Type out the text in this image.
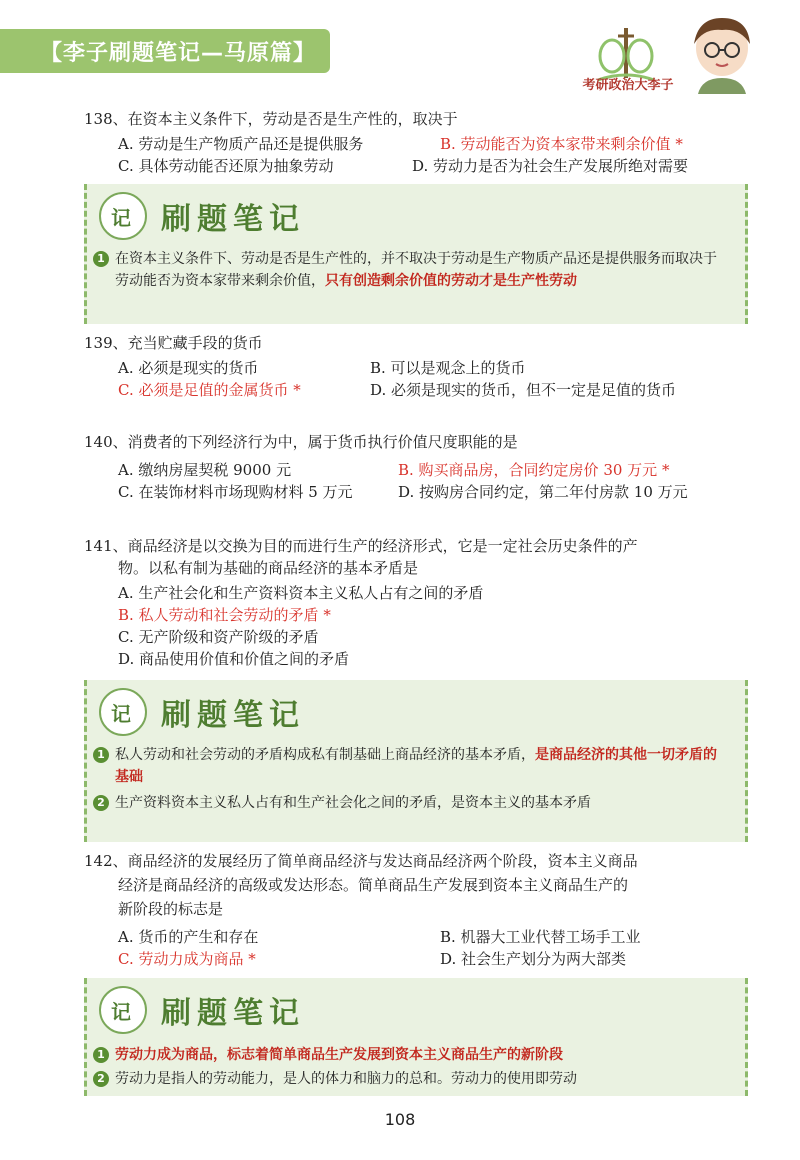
【李子刷题笔记—马原篇】
考研政治大李子
138、在资本主义条件下，劳动是否是生产性的，取决于
A. 劳动是生产物质产品还是提供服务	B. 劳动能否为资本家带来剩余价值 *
C. 具体劳动能否还原为抽象劳动	D. 劳动力是否为社会生产发展所绝对需要
记 刷题笔记
1 在资本主义条件下、劳动是否是生产性的，并不取决于劳动是生产物质产品还是提供服务而取决于劳动能否为资本家带来剩余价值，只有创造剩余价值的劳动才是生产性劳动
139、充当贮藏手段的货币
A. 必须是现实的货币	B. 可以是观念上的货币
C. 必须是足值的金属货币 *	D. 必须是现实的货币，但不一定是足值的货币
140、消费者的下列经济行为中，属于货币执行价值尺度职能的是
A. 缴纳房屋契税 9000 元	B. 购买商品房，合同约定房价 30 万元 *
C. 在装饰材料市场现购材料 5 万元	D. 按购房合同约定，第二年付房款 10 万元
141、商品经济是以交换为目的而进行生产的经济形式，它是一定社会历史条件的产
物。以私有制为基础的商品经济的基本矛盾是
A. 生产社会化和生产资料资本主义私人占有之间的矛盾
B. 私人劳动和社会劳动的矛盾 *
C. 无产阶级和资产阶级的矛盾
D. 商品使用价值和价值之间的矛盾
记 刷题笔记
1 私人劳动和社会劳动的矛盾构成私有制基础上商品经济的基本矛盾，是商品经济的其他一切矛盾的基础
2 生产资料资本主义私人占有和生产社会化之间的矛盾，是资本主义的基本矛盾
142、商品经济的发展经历了简单商品经济与发达商品经济两个阶段，资本主义商品
经济是商品经济的高级或发达形态。简单商品生产发展到资本主义商品生产的
新阶段的标志是
A. 货币的产生和存在	B. 机器大工业代替工场手工业
C. 劳动力成为商品 *	D. 社会生产划分为两大部类
记 刷题笔记
1 劳动力成为商品，标志着简单商品生产发展到资本主义商品生产的新阶段
2 劳动力是指人的劳动能力，是人的体力和脑力的总和。劳动力的使用即劳动
108
